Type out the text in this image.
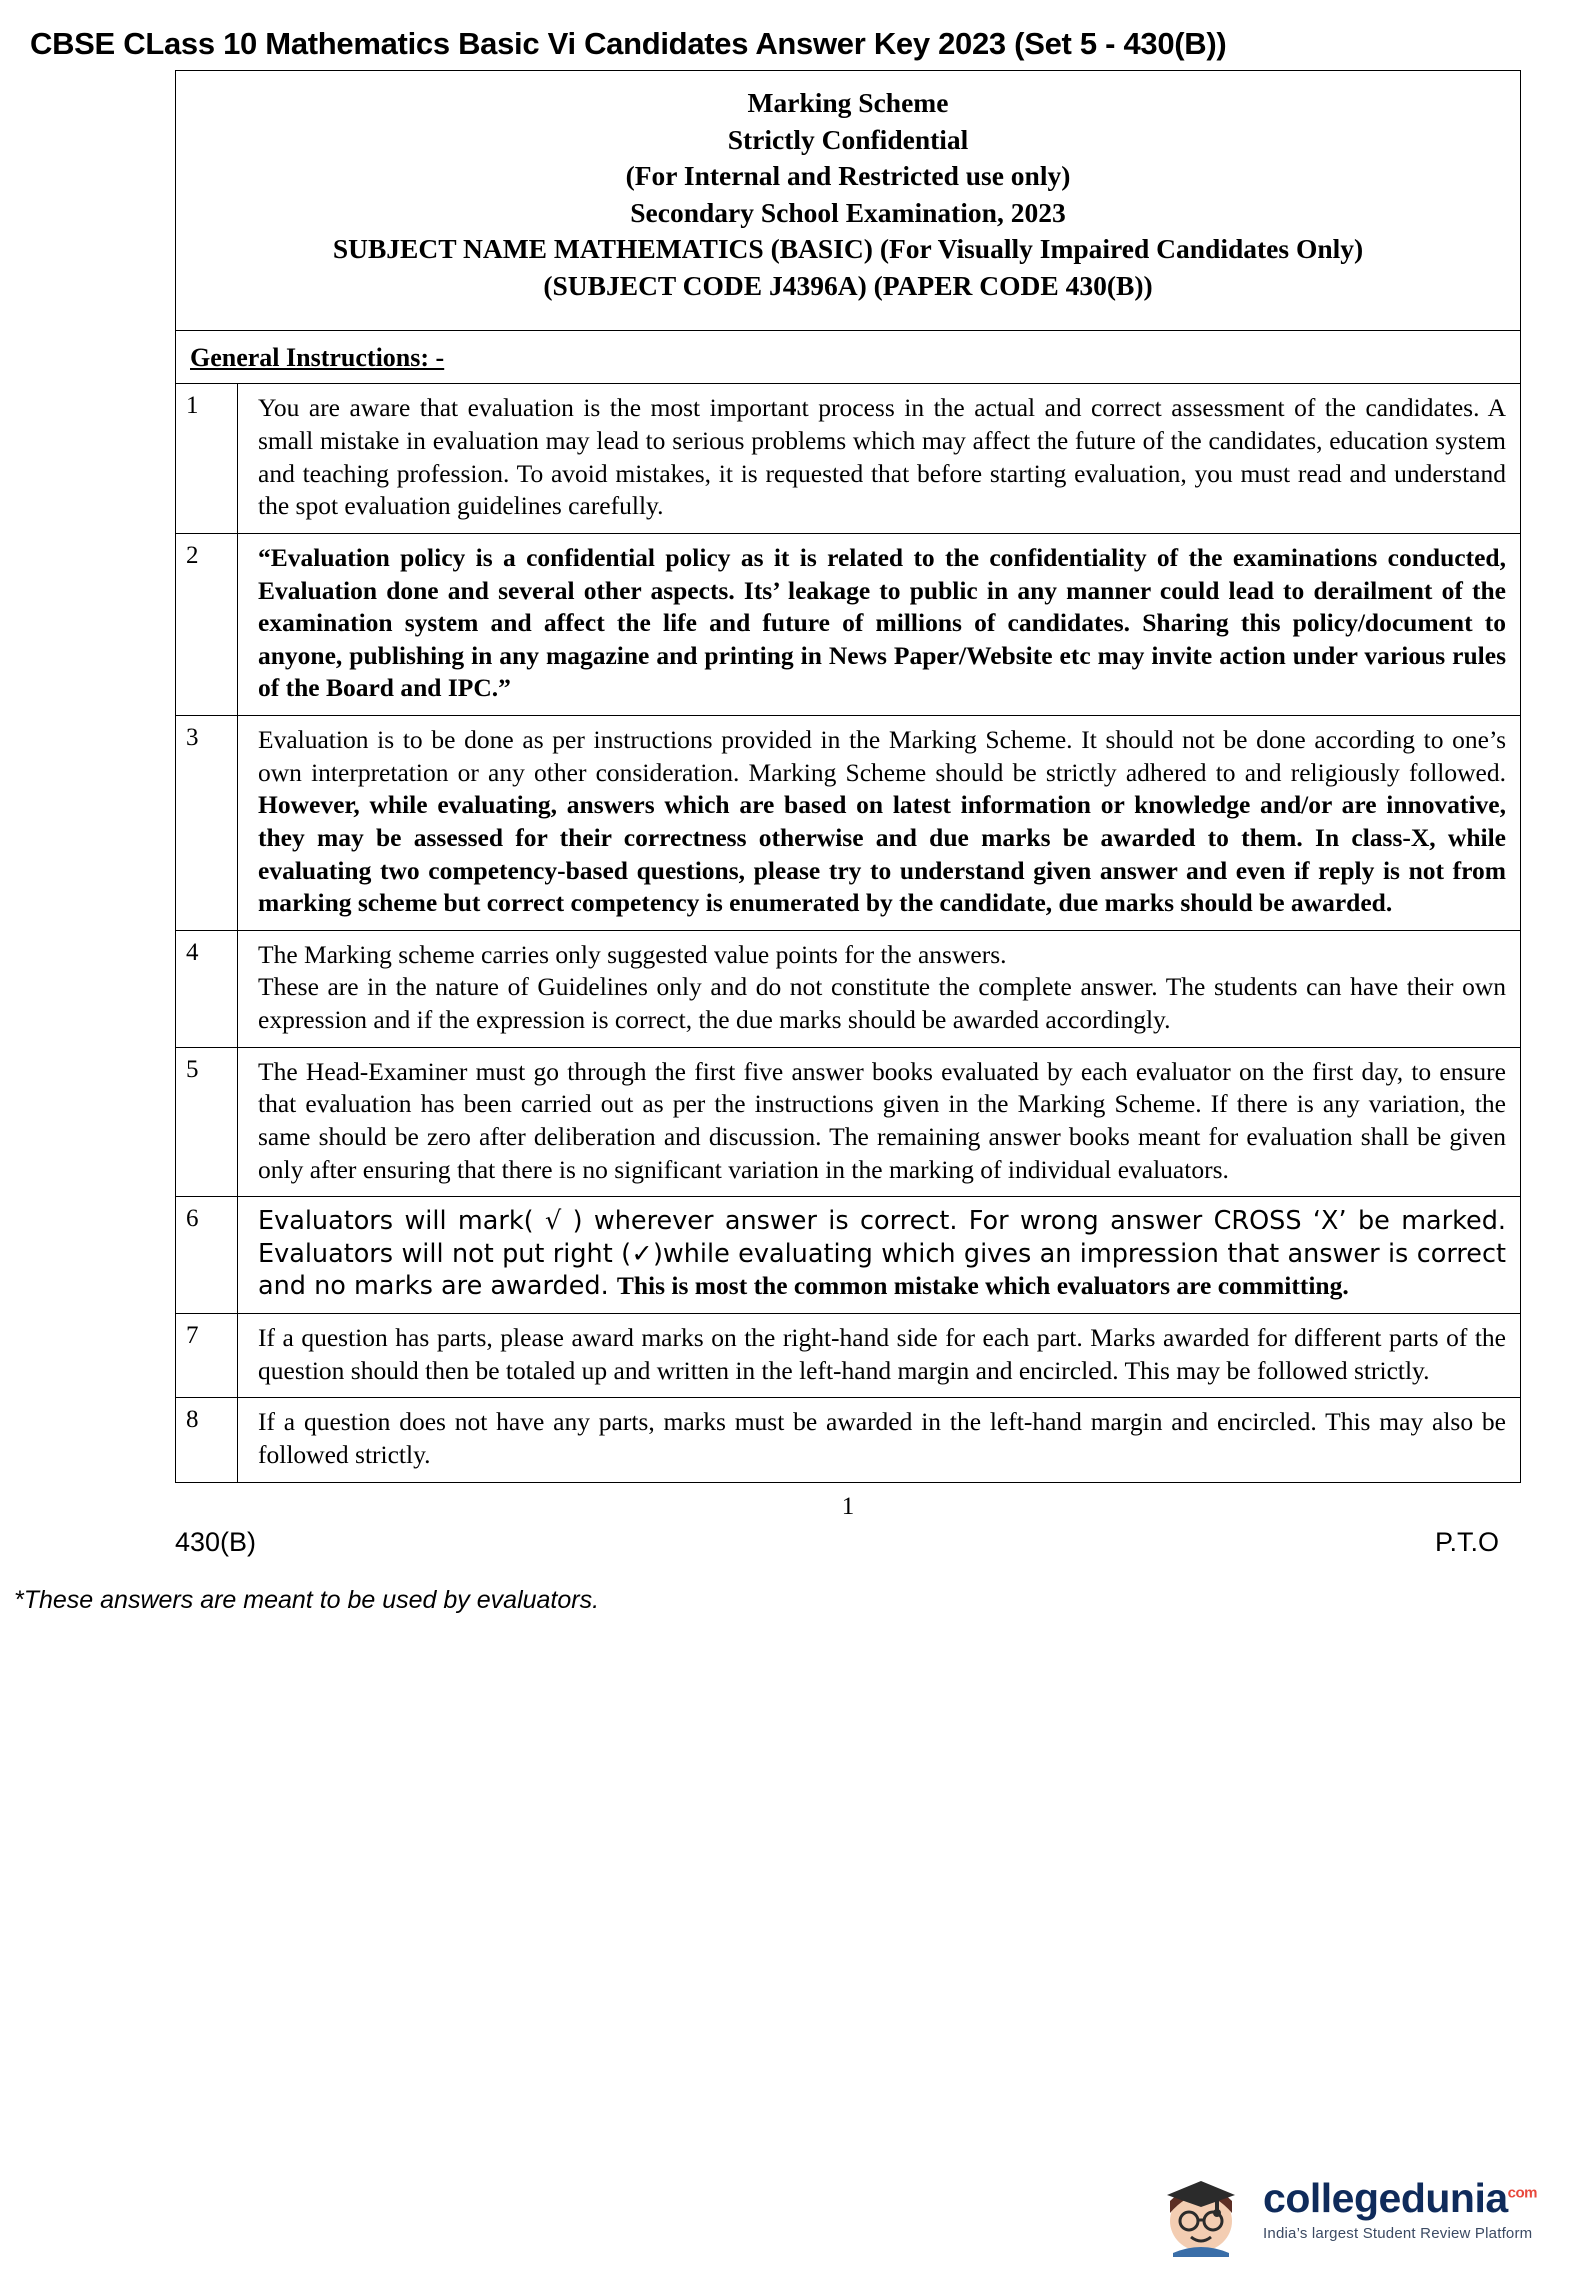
CBSE CLass 10 Mathematics Basic Vi Candidates Answer Key 2023 (Set 5 - 430(B))
Marking Scheme
Strictly Confidential
(For Internal and Restricted use only)
Secondary School Examination, 2023
SUBJECT NAME MATHEMATICS (BASIC) (For Visually Impaired Candidates Only)
(SUBJECT CODE J4396A) (PAPER CODE 430(B))
General Instructions: -
1	You are aware that evaluation is the most important process in the actual and correct assessment of the candidates. A small mistake in evaluation may lead to serious problems which may affect the future of the candidates, education system and teaching profession. To avoid mistakes, it is requested that before starting evaluation, you must read and understand the spot evaluation guidelines carefully.
2	“Evaluation policy is a confidential policy as it is related to the confidentiality of the examinations conducted, Evaluation done and several other aspects. Its’ leakage to public in any manner could lead to derailment of the examination system and affect the life and future of millions of candidates. Sharing this policy/document to anyone, publishing in any magazine and printing in News Paper/Website etc may invite action under various rules of the Board and IPC.”
3	Evaluation is to be done as per instructions provided in the Marking Scheme. It should not be done according to one’s own interpretation or any other consideration. Marking Scheme should be strictly adhered to and religiously followed. However, while evaluating, answers which are based on latest information or knowledge and/or are innovative, they may be assessed for their correctness otherwise and due marks be awarded to them. In class-X, while evaluating two competency-based questions, please try to understand given answer and even if reply is not from marking scheme but correct competency is enumerated by the candidate, due marks should be awarded.

4	The Marking scheme carries only suggested value points for the answers.

These are in the nature of Guidelines only and do not constitute the complete answer. The students can have their own expression and if the expression is correct, the due marks should be awarded accordingly.

5	The Head-Examiner must go through the first five answer books evaluated by each evaluator on the first day, to ensure that evaluation has been carried out as per the instructions given in the Marking Scheme. If there is any variation, the same should be zero after deliberation and discussion. The remaining answer books meant for evaluation shall be given only after ensuring that there is no significant variation in the marking of individual evaluators.
6	Evaluators will mark( √ ) wherever answer is correct. For wrong answer CROSS ‘X’ be marked. Evaluators will not put right (✓)while evaluating which gives an impression that answer is correct and no marks are awarded. This is most the common mistake which evaluators are committing.

7	If a question has parts, please award marks on the right-hand side for each part. Marks awarded for different parts of the question should then be totaled up and written in the left-hand margin and encircled. This may be followed strictly.
8	If a question does not have any parts, marks must be awarded in the left-hand margin and encircled. This may also be followed strictly.
1
430(B)	P.T.O
*These answers are meant to be used by evaluators.
collegedunia$^{com}$
India’s largest Student Review Platform
